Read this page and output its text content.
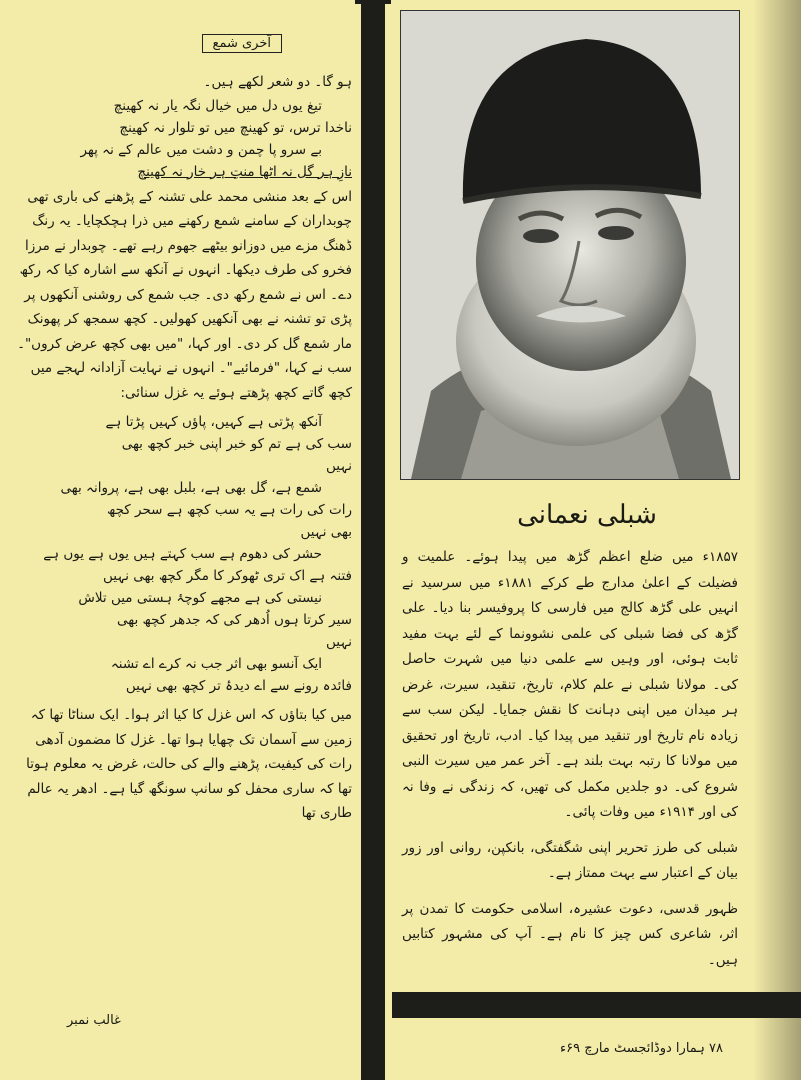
آخری شمع

ہو گا۔ دو شعر لکھے ہیں۔

تیغ یوں دل میں خیال نگہ یار نہ کھینچ
ناخدا ترس، تو کھینچ میں تو تلوار نہ کھینچ
بے سرو پا چمن و دشت میں عالم کے نہ پھر
نازِ ہر گل نہ اٹھا منتِ ہر خار نہ کھینچ

اس کے بعد منشی محمد علی تشنہ کے پڑھنے کی باری تھی چوبداران کے سامنے شمع رکھنے میں ذرا ہچکچایا۔ یہ رنگ ڈھنگ مزے میں دوزانو بیٹھے جھوم رہے تھے۔ چوبدار نے مرزا فخرو کی طرف دیکھا۔ انہوں نے آنکھ سے اشارہ کیا کہ رکھ دے۔ اس نے شمع رکھ دی۔ جب شمع کی روشنی آنکھوں پر پڑی تو تشنہ نے بھی آنکھیں کھولیں۔ کچھ سمجھ کر پھونک مار شمع گل کر دی۔ اور کہا، "میں بھی کچھ عرض کروں"۔ سب نے کہا، "فرمائیے"۔ انہوں نے نہایت آزادانہ لہجے میں کچھ گاتے کچھ پڑھتے ہوئے یہ غزل سنائی:

آنکھ پڑتی ہے کہیں، پاؤں کہیں پڑتا ہے
سب کی ہے تم کو خبر اپنی خبر کچھ بھی نہیں
شمع ہے، گل بھی ہے، بلبل بھی ہے، پروانہ بھی
رات کی رات ہے یہ سب کچھ ہے سحر کچھ بھی نہیں
حشر کی دھوم ہے سب کہتے ہیں یوں ہے یوں ہے
فتنہ ہے اک تری ٹھوکر کا مگر کچھ بھی نہیں
نیستی کی ہے مجھے کوچۂ ہستی میں تلاش
سیر کرتا ہوں اُدھر کی کہ جدھر کچھ بھی نہیں
ایک آنسو بھی اثر جب نہ کرے اے تشنہ
فائدہ رونے سے اے دیدۂ تر کچھ بھی نہیں

میں کیا بتاؤں کہ اس غزل کا کیا اثر ہوا۔ ایک سناٹا تھا کہ زمین سے آسمان تک چھایا ہوا تھا۔ غزل کا مضمون آدھی رات کی کیفیت، پڑھنے والے کی حالت، غرض یہ معلوم ہوتا تھا کہ ساری محفل کو سانپ سونگھ گیا ہے۔ ادھر یہ عالم طاری تھا

غالب نمبر
شبلی نعمانی

۱۸۵۷ء میں ضلع اعظم گڑھ میں پیدا ہوئے۔ علمیت و فضیلت کے اعلیٰ مدارج طے کرکے ۱۸۸۱ء میں سرسید نے انہیں علی گڑھ کالج میں فارسی کا پروفیسر بنا دیا۔ علی گڑھ کی فضا شبلی کی علمی نشوونما کے لئے بہت مفید ثابت ہوئی، اور وہیں سے علمی دنیا میں شہرت حاصل کی۔ مولانا شبلی نے علم کلام، تاریخ، تنقید، سیرت، غرض ہر میدان میں اپنی دہانت کا نقش جمایا۔ لیکن سب سے زیادہ نام تاریخ اور تنقید میں پیدا کیا۔ ادب، تاریخ اور تحقیق میں مولانا کا رتبہ بہت بلند ہے۔ آخر عمر میں سیرت النبی شروع کی۔ دو جلدیں مکمل کی تھیں، کہ زندگی نے وفا نہ کی اور ۱۹۱۴ء میں وفات پائی۔

شبلی کی طرز تحریر اپنی شگفتگی، بانکپن، روانی اور زور بیان کے اعتبار سے بہت ممتاز ہے۔

ظہور قدسی، دعوت عشیرہ، اسلامی حکومت کا تمدن پر اثر، شاعری کس چیز کا نام ہے۔ آپ کی مشہور کتابیں ہیں۔

۷۸ ہمارا دوڈائجسٹ مارچ ۶۹ء
